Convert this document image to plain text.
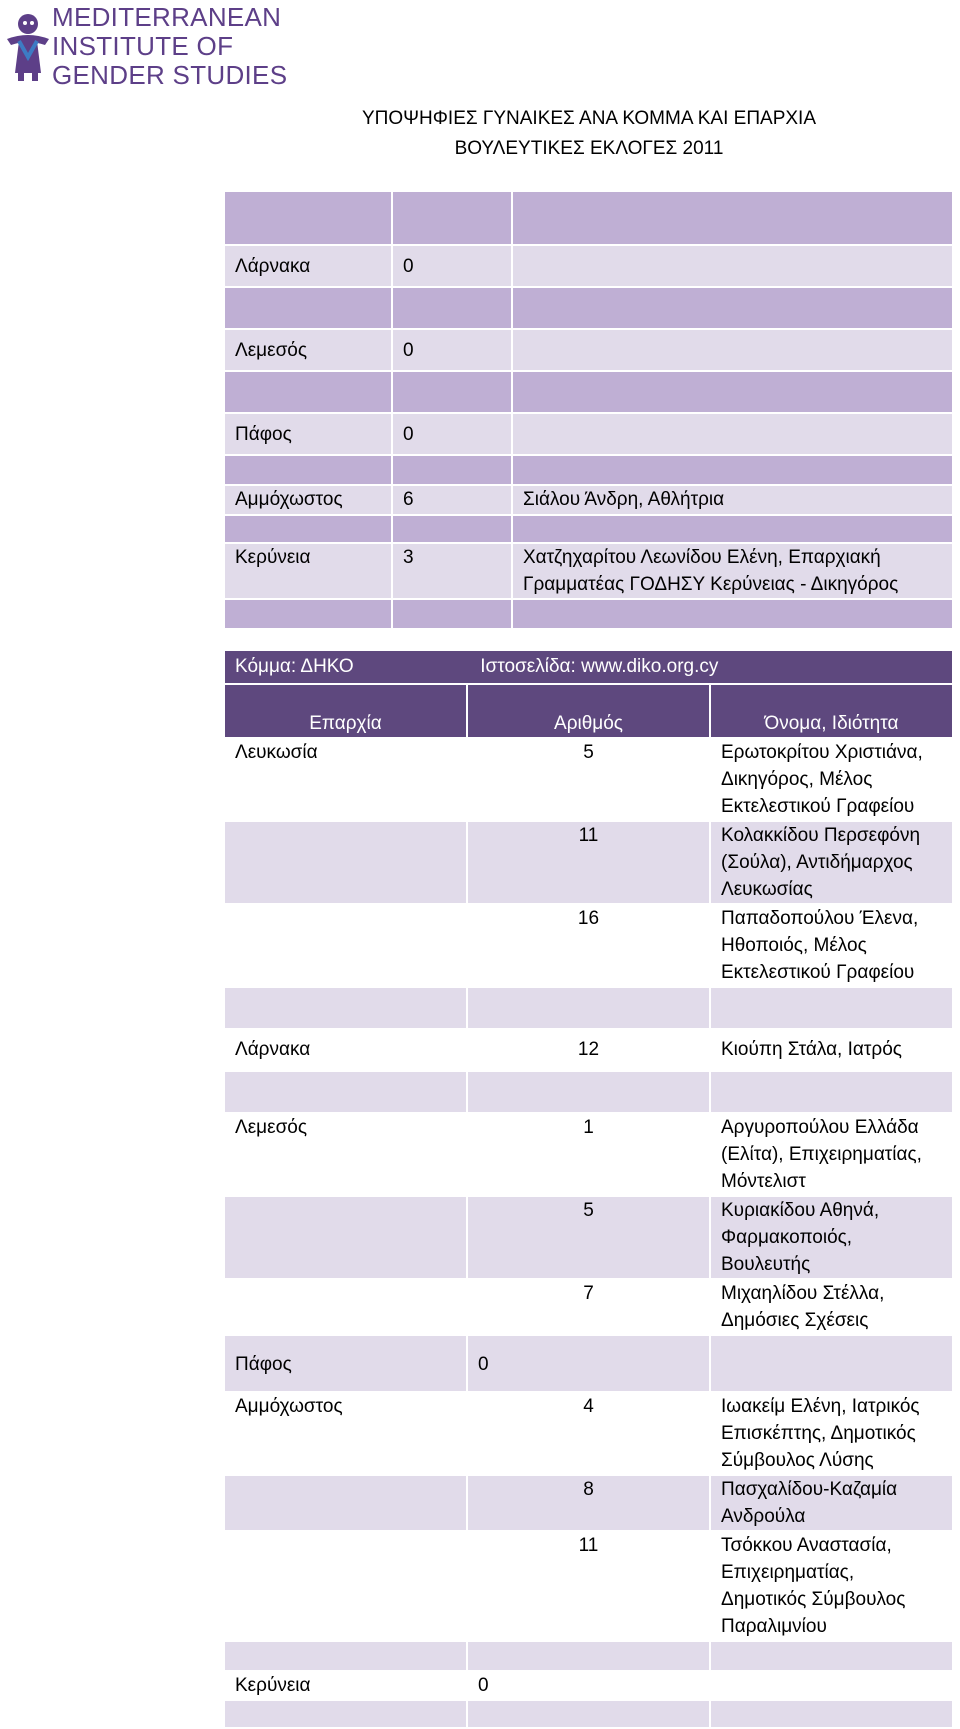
MEDITERRANEAN
INSTITUTE OF
GENDER STUDIES
ΥΠΟΨΗΦΙΕΣ ΓΥΝΑΙΚΕΣ ΑΝΑ ΚΟΜΜΑ ΚΑΙ ΕΠΑΡΧΙΑ
ΒΟΥΛΕΥΤΙΚΕΣ ΕΚΛΟΓΕΣ 2011

Λάρνακα	0	

Λεμεσός	0	

Πάφος	0	

Αμμόχωστος	6	Σιάλου Άνδρη, Αθλήτρια

Κερύνεια	3	Χατζηχαρίτου Λεωνίδου Ελένη, Επαρχιακή Γραμματέας ΓΟΔΗΣΥ Κερύνειας - Δικηγόρος

Κόμμα: ΔΗΚΟ Ιστοσελίδα: www.diko.org.cy		
Επαρχία	Αριθμός	Όνομα, Ιδιότητα
Λευκωσία	5	Ερωτοκρίτου Χριστιάνα, Δικηγόρος, Μέλος Εκτελεστικού Γραφείου
	11	Κολακκίδου Περσεφόνη (Σούλα), Αντιδήμαρχος Λευκωσίας
	16	Παπαδοπούλου Έλενα, Ηθοποιός, Μέλος Εκτελεστικού Γραφείου

Λάρνακα	12	Κιούπη Στάλα, Ιατρός

Λεμεσός	1	Αργυροπούλου Ελλάδα (Ελίτα), Επιχειρηματίας, Μόντελιστ
	5	Κυριακίδου Αθηνά, Φαρμακοποιός, Βουλευτής
	7	Μιχαηλίδου Στέλλα, Δημόσιες Σχέσεις
Πάφος	0	
Αμμόχωστος	4	Ιωακείμ Ελένη, Ιατρικός Επισκέπτης, Δημοτικός Σύμβουλος Λύσης
	8	Πασχαλίδου-Καζαμία Ανδρούλα
	11	Τσόκκου Αναστασία, Επιχειρηματίας, Δημοτικός Σύμβουλος Παραλιμνίου

Κερύνεια	0	
